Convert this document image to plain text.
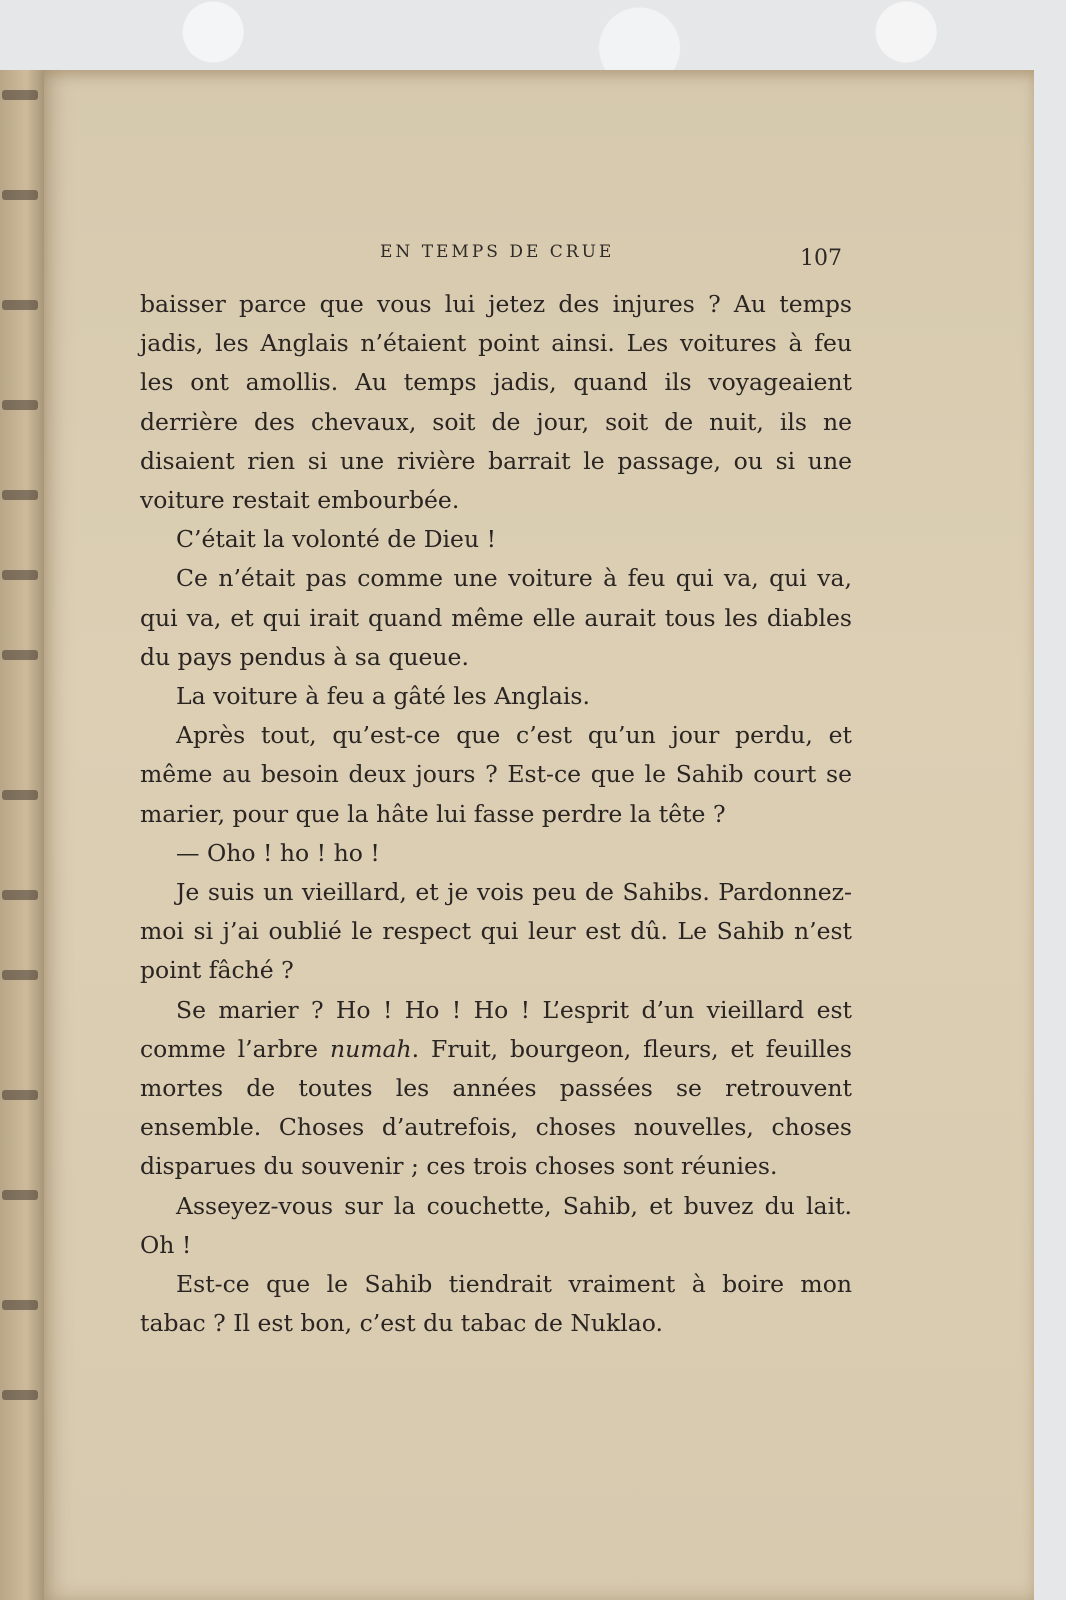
EN TEMPS DE CRUE	107

baisser parce que vous lui jetez des injures ? Au temps jadis, les Anglais n’étaient point ainsi. Les voitures à feu les ont amollis. Au temps jadis, quand ils voyageaient derrière des chevaux, soit de jour, soit de nuit, ils ne disaient rien si une rivière barrait le passage, ou si une voiture restait embourbée.

C’était la volonté de Dieu !

Ce n’était pas comme une voiture à feu qui va, qui va, qui va, et qui irait quand même elle aurait tous les diables du pays pendus à sa queue.

La voiture à feu a gâté les Anglais.

Après tout, qu’est-ce que c’est qu’un jour perdu, et même au besoin deux jours ? Est-ce que le Sahib court se marier, pour que la hâte lui fasse perdre la tête ?

— Oho ! ho ! ho !

Je suis un vieillard, et je vois peu de Sahibs. Pardonnez-moi si j’ai oublié le respect qui leur est dû. Le Sahib n’est point fâché ?

Se marier ? Ho ! Ho ! Ho ! L’esprit d’un vieillard est comme l’arbre numah. Fruit, bourgeon, fleurs, et feuilles mortes de toutes les années passées se retrouvent ensemble. Choses d’autrefois, choses nouvelles, choses disparues du souvenir ; ces trois choses sont réunies.

Asseyez-vous sur la couchette, Sahib, et buvez du lait. Oh !

Est-ce que le Sahib tiendrait vraiment à boire mon tabac ? Il est bon, c’est du tabac de Nuklao.
